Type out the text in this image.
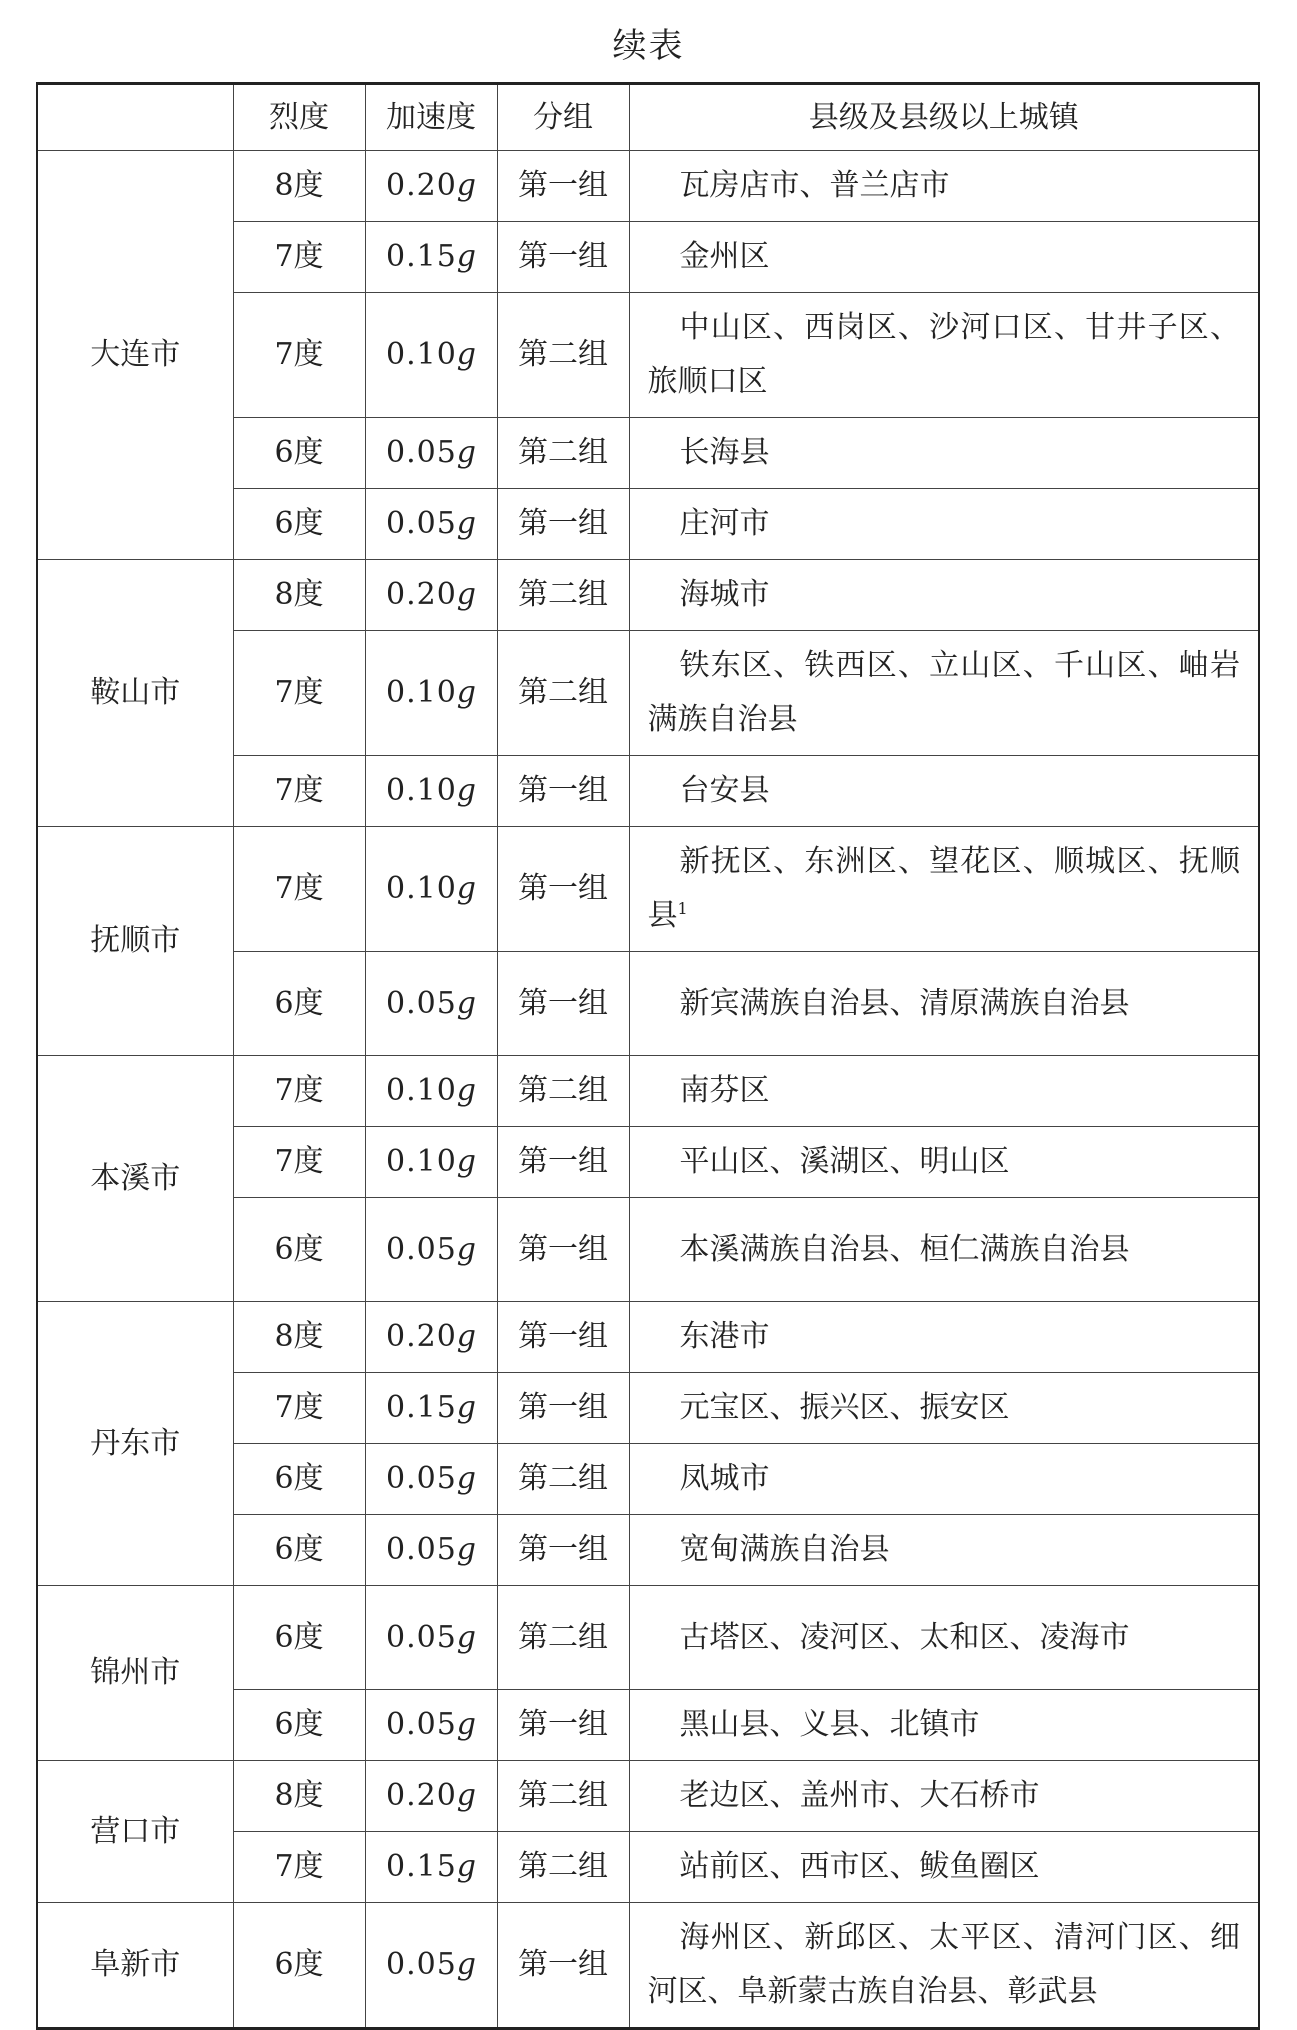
续表
	烈度	加速度	分组	县级及县级以上城镇
大连市	8度	0.20g	第一组	瓦房店市、普兰店市
	7度	0.15g	第一组	金州区
	7度	0.10g	第二组	中山区、西岗区、沙河口区、甘井子区、旅顺口区
	6度	0.05g	第二组	长海县
	6度	0.05g	第一组	庄河市
鞍山市	8度	0.20g	第二组	海城市
	7度	0.10g	第二组	铁东区、铁西区、立山区、千山区、岫岩满族自治县
	7度	0.10g	第一组	台安县
抚顺市	7度	0.10g	第一组	新抚区、东洲区、望花区、顺城区、抚顺县$^1$
	6度	0.05g	第一组	新宾满族自治县、清原满族自治县
本溪市	7度	0.10g	第二组	南芬区
	7度	0.10g	第一组	平山区、溪湖区、明山区
	6度	0.05g	第一组	本溪满族自治县、桓仁满族自治县
丹东市	8度	0.20g	第一组	东港市
	7度	0.15g	第一组	元宝区、振兴区、振安区
	6度	0.05g	第二组	凤城市
	6度	0.05g	第一组	宽甸满族自治县
锦州市	6度	0.05g	第二组	古塔区、凌河区、太和区、凌海市
	6度	0.05g	第一组	黑山县、义县、北镇市
营口市	8度	0.20g	第二组	老边区、盖州市、大石桥市
	7度	0.15g	第二组	站前区、西市区、鲅鱼圈区
阜新市	6度	0.05g	第一组	海州区、新邱区、太平区、清河门区、细河区、阜新蒙古族自治县、彰武县
